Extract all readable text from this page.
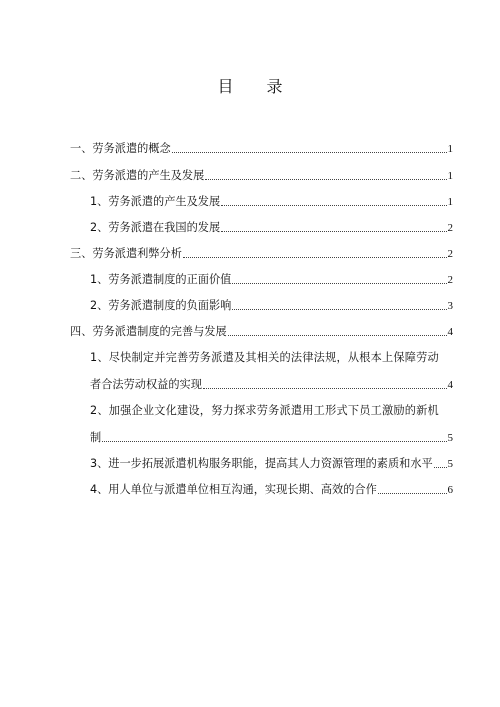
目 录
一、劳务派遣的概念	1
二、劳务派遣的产生及发展	1
1、劳务派遣的产生及发展	1
2、劳务派遣在我国的发展	2
三、劳务派遣利弊分析	2
1、劳务派遣制度的正面价值	2
2、劳务派遣制度的负面影响	3
四、劳务派遣制度的完善与发展	4
1、尽快制定并完善劳务派遣及其相关的法律法规，从根本上保障劳动
者合法劳动权益的实现	4
2、加强企业文化建设，努力探求劳务派遣用工形式下员工激励的新机
制	5
3、进一步拓展派遣机构服务职能，提高其人力资源管理的素质和水平 5
4、用人单位与派遣单位相互沟通，实现长期、高效的合作	6
